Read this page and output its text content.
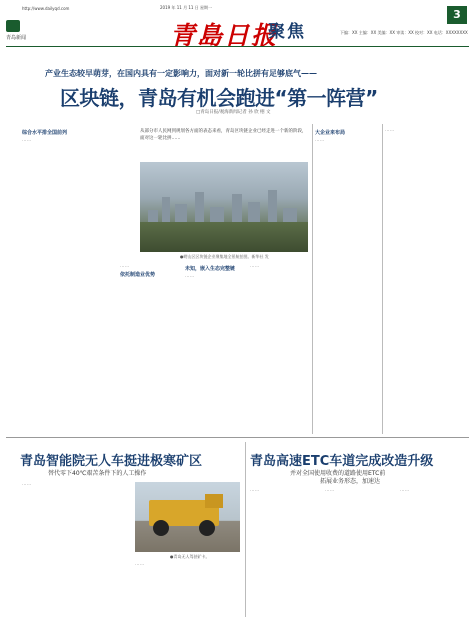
http://www.dailyqd.com	2019 年 11 月 11 日 星期一
青岛新闻	青島日报
聚焦
3
下编：XX 主编：XX 美编：XX 审读：XX 校对：XX 电话：XXXXXXXX
产业生态较早萌芽，在国内具有一定影响力，面对新一轮比拼有足够底气——
区块链，青岛有机会跑进“第一阵营”
□青岛日报/观海新闻记者 孙 欣 栩 文
从部分市人民网到规划各方面的表态来看，青岛区块链企业已经走进一个新的阶段，面对这一轮比拼……
●崂山区区块链企业聚集地全景航拍图。新华社 发
综合水平排全国前列
……
……
依托制造业优势
未知，嵌入生态完整链
……
……
大企业来布局
……
……
青岛智能院无人车挺进极寒矿区
替代零下40℃艰苦条件下的人工操作
……
●青岛无人驾驶矿卡。
……
青岛高速ETC车道完成改造升级
并对全国使用收费的道路使用ETC前
拓展业务形态，加速达
……	……	……
